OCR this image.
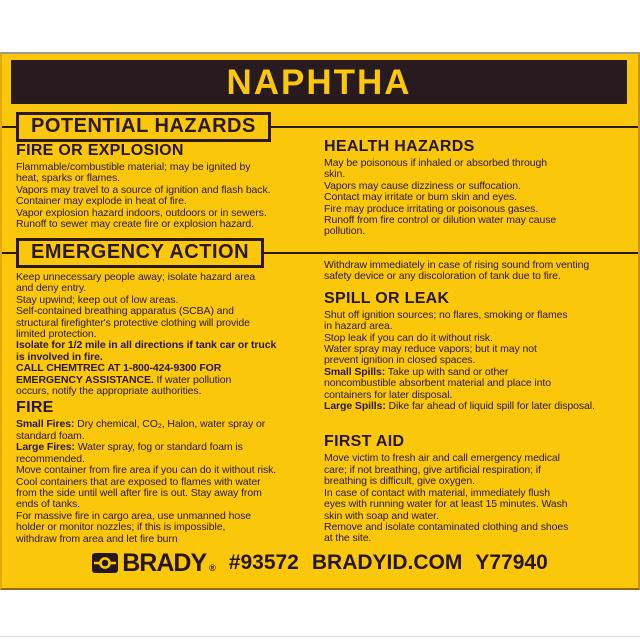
NAPHTHA
POTENTIAL HAZARDS
EMERGENCY ACTION
FIRE OR EXPLOSION
Flammable/combustible material; may be ignited by
heat, sparks or flames.
Vapors may travel to a source of ignition and flash back.
Container may explode in heat of fire.
Vapor explosion hazard indoors, outdoors or in sewers.
Runoff to sewer may create fire or explosion hazard.
Keep unnecessary people away; isolate hazard area
and deny entry.
Stay upwind; keep out of low areas.
Self-contained breathing apparatus (SCBA) and
structural firefighter's protective clothing will provide
limited protection.
Isolate for 1/2 mile in all directions if tank car or truck
is involved in fire.
CALL CHEMTREC AT 1-800-424-9300 FOR
EMERGENCY ASSISTANCE. If water pollution
occurs, notify the appropriate authorities.
FIRE
Small Fires: Dry chemical, CO₂, Halon, water spray or
standard foam.
Large Fires: Water spray, fog or standard foam is
recommended.
Move container from fire area if you can do it without risk.
Cool containers that are exposed to flames with water
from the side until well after fire is out. Stay away from
ends of tanks.
For massive fire in cargo area, use unmanned hose
holder or monitor nozzles; if this is impossible,
withdraw from area and let fire burn
HEALTH HAZARDS
May be poisonous if inhaled or absorbed through
skin.
Vapors may cause dizziness or suffocation.
Contact may irritate or burn skin and eyes.
Fire may produce irritating or poisonous gases.
Runoff from fire control or dilution water may cause
pollution.
Withdraw immediately in case of rising sound from venting
safety device or any discoloration of tank due to fire.
SPILL OR LEAK
Shut off ignition sources; no flares, smoking or flames
in hazard area.
Stop leak if you can do it without risk.
Water spray may reduce vapors; but it may not
prevent ignition in closed spaces.
Small Spills: Take up with sand or other
noncombustible absorbent material and place into
containers for later disposal.
Large Spills: Dike far ahead of liquid spill for later disposal.
FIRST AID
Move victim to fresh air and call emergency medical
care; if not breathing, give artificial respiration; if
breathing is difficult, give oxygen.
In case of contact with material, immediately flush
eyes with running water for at least 15 minutes. Wash
skin with soap and water.
Remove and isolate contaminated clothing and shoes
at the site.
BRADY ® #93572 BRADYID.COM Y77940
